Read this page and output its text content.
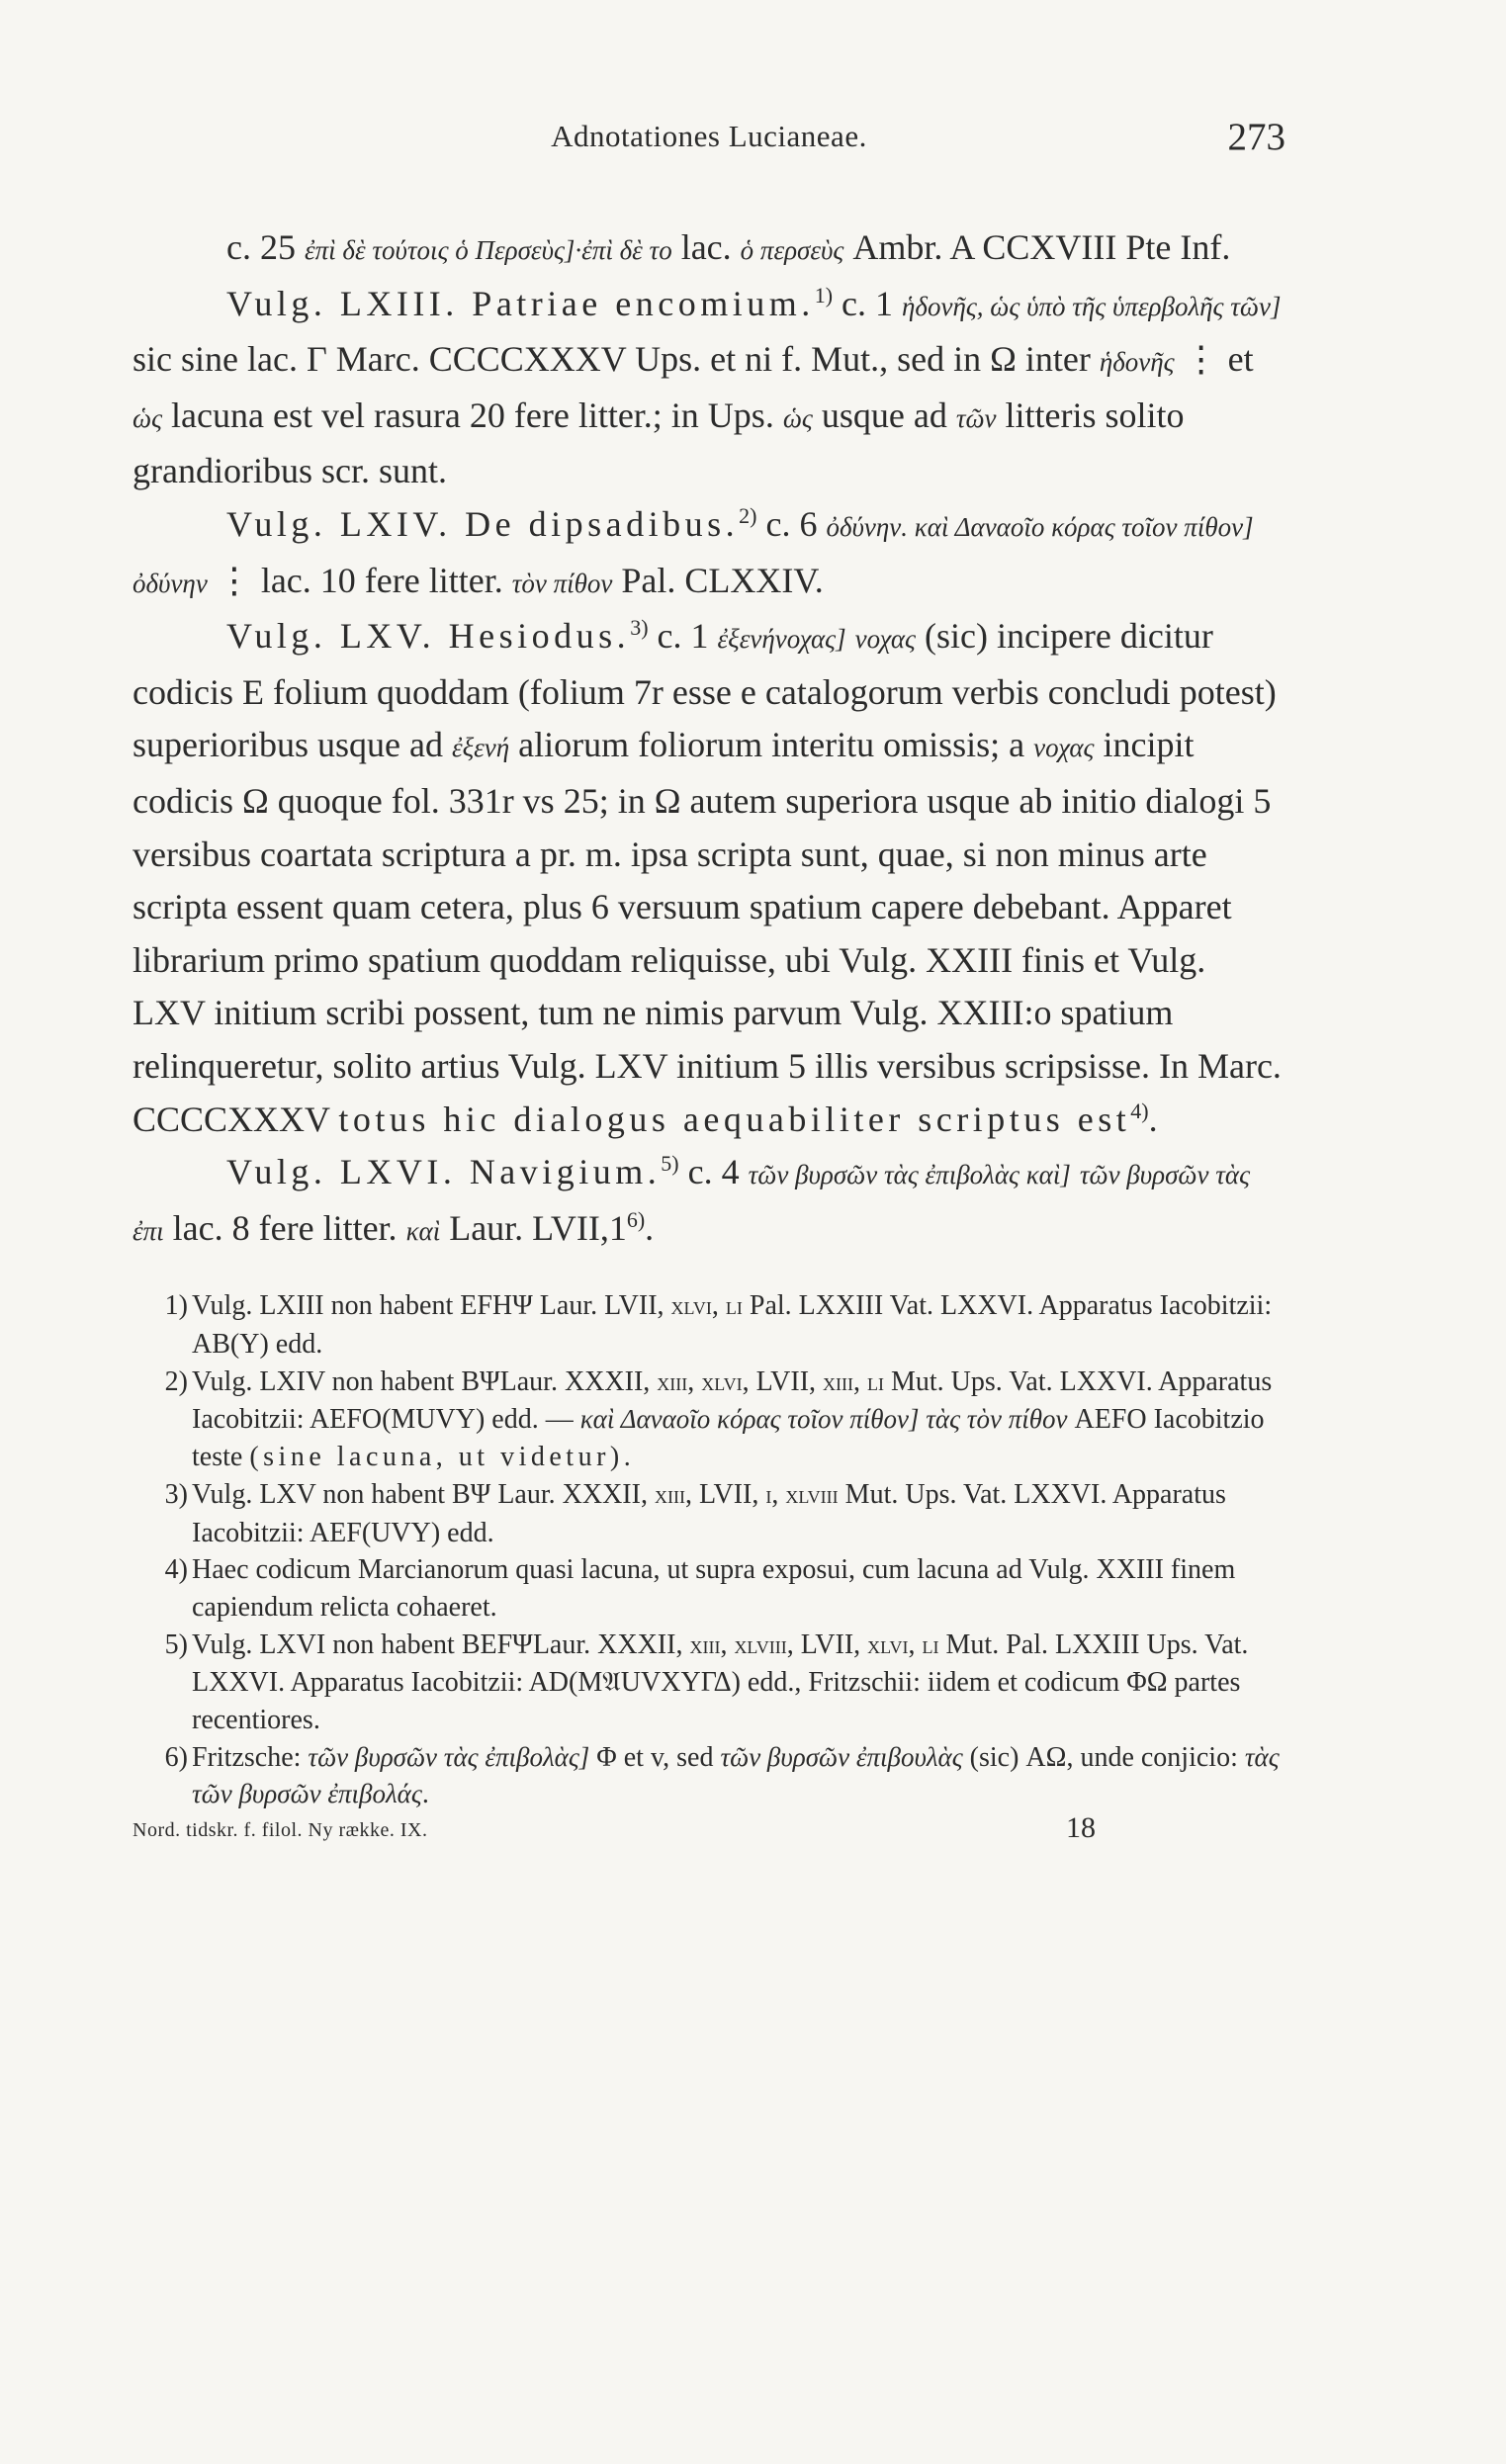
Adnotationes Lucianeae.	273

c. 25 ἐπὶ δὲ τούτοις ὁ Περσεὺς]·ἐπὶ δὲ το lac. ὁ περσεὺς Ambr. A CCXVIII Pte Inf.

Vulg. LXIII. Patriae encomium.$^{1)}$ c. 1 ἡδονῆς, ὡς ὑπὸ τῆς ὑπερβολῆς τῶν] sic sine lac. Γ Marc. CCCCXXXV Ups. et ni f. Mut., sed in Ω inter ἡδονῆς ⋮ et ὡς lacuna est vel rasura 20 fere litter.; in Ups. ὡς usque ad τῶν litteris solito grandioribus scr. sunt.

Vulg. LXIV. De dipsadibus.$^{2)}$ c. 6 ὀδύνην. καὶ Δαναοῖο κόρας τοῖον πίθον] ὀδύνην ⋮ lac. 10 fere litter. τὸν πίθον Pal. CLXXIV.

Vulg. LXV. Hesiodus.$^{3)}$ c. 1 ἐξενήνοχας] νοχας (sic) incipere dicitur codicis E folium quoddam (folium 7r esse e catalogorum verbis concludi potest) superioribus usque ad ἐξενή aliorum foliorum interitu omissis; a νοχας incipit codicis Ω quoque fol. 331r vs 25; in Ω autem superiora usque ab initio dialogi 5 versibus coartata scriptura a pr. m. ipsa scripta sunt, quae, si non minus arte scripta essent quam cetera, plus 6 versuum spatium capere debebant. Apparet librarium primo spatium quoddam reliquisse, ubi Vulg. XXIII finis et Vulg. LXV initium scribi possent, tum ne nimis parvum Vulg. XXIII:o spatium relinqueretur, solito artius Vulg. LXV initium 5 illis versibus scripsisse. In Marc. CCCCXXXV totus hic dialogus aequabiliter scriptus est$^{4)}$.

Vulg. LXVI. Navigium.$^{5)}$ c. 4 τῶν βυρσῶν τὰς ἐπιβολὰς καὶ] τῶν βυρσῶν τὰς ἐπι lac. 8 fere litter. καὶ Laur. LVII,1$^{6)}$.

1) Vulg. LXIII non habent EFHΨ Laur. LVII, xlvi, li Pal. LXXIII Vat. LXXVI. Apparatus Iacobitzii: AB(Y) edd.

2) Vulg. LXIV non habent BΨLaur. XXXII, xiii, xlvi, LVII, xiii, li Mut. Ups. Vat. LXXVI. Apparatus Iacobitzii: AEFO(MUVY) edd. — καὶ Δαναοῖο κόρας τοῖον πίθον] τὰς τὸν πίθον AEFO Iacobitzio teste (sine lacuna, ut videtur).

3) Vulg. LXV non habent BΨ Laur. XXXII, xiii, LVII, i, xlviii Mut. Ups. Vat. LXXVI. Apparatus Iacobitzii: AEF(UVY) edd.

4) Haec codicum Marcianorum quasi lacuna, ut supra exposui, cum lacuna ad Vulg. XXIII finem capiendum relicta cohaeret.

5) Vulg. LXVI non habent BEFΨLaur. XXXII, xiii, xlviii, LVII, xlvi, li Mut. Pal. LXXIII Ups. Vat. LXXVI. Apparatus Iacobitzii: AD(M𝔄UVXYΓΔ) edd., Fritzschii: iidem et codicum ΦΩ partes recentiores.

6) Fritzsche: τῶν βυρσῶν τὰς ἐπιβολὰς] Φ et v, sed τῶν βυρσῶν ἐπιβουλὰς (sic) AΩ, unde conjicio: τὰς τῶν βυρσῶν ἐπιβολάς.

Nord. tidskr. f. filol. Ny række. IX.	18
